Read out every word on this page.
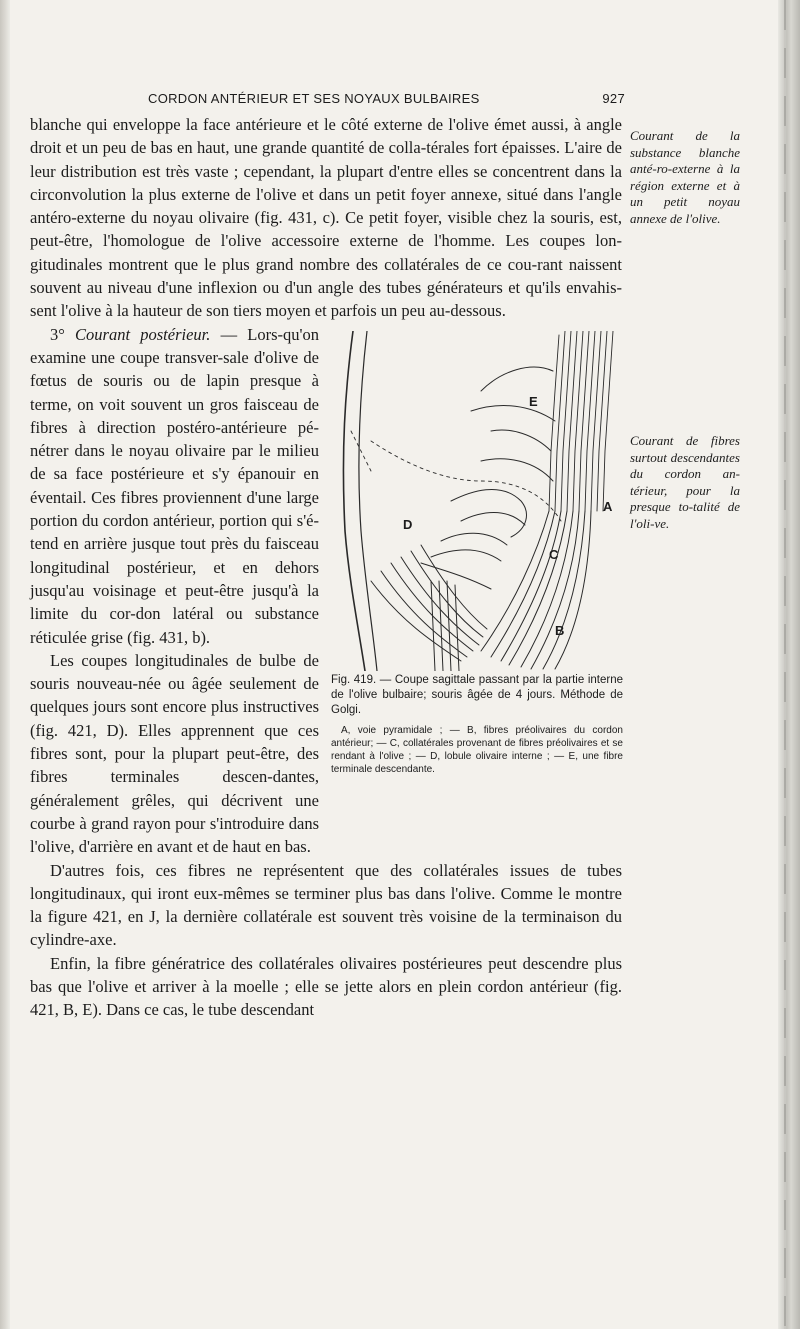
CORDON ANTÉRIEUR ET SES NOYAUX BULBAIRES	927
Courant de la substance blanche anté-ro-externe à la région externe et à un petit noyau annexe de l'olive.
Courant de fibres surtout descendantes du cordon an-térieur, pour la presque to-talité de l'oli-ve.

blanche qui enveloppe la face antérieure et le côté externe de l'olive émet aussi, à angle droit et un peu de bas en haut, une grande quantité de colla-térales fort épaisses. L'aire de leur distribution est très vaste ; cependant, la plupart d'entre elles se concentrent dans la circonvolution la plus externe de l'olive et dans un petit foyer annexe, situé dans l'angle antéro-externe du noyau olivaire (fig. 431, c). Ce petit foyer, visible chez la souris, est, peut-être, l'homologue de l'olive accessoire externe de l'homme. Les coupes lon-gitudinales montrent que le plus grand nombre des collatérales de ce cou-rant naissent souvent au niveau d'une inflexion ou d'un angle des tubes générateurs et qu'ils envahis-sent l'olive à la hauteur de son tiers moyen et parfois un peu au-dessous.

E
A
D
C
B

Fig. 419. — Coupe sagittale passant par la partie interne de l'olive bulbaire; souris âgée de 4 jours. Méthode de Golgi.

A, voie pyramidale ; — B, fibres préolivaires du cordon antérieur; — C, collatérales provenant de fibres préolivaires et se rendant à l'olive ; — D, lobule olivaire interne ; — E, une fibre terminale descendante.

3° Courant postérieur. — Lors-qu'on examine une coupe transver-sale d'olive de fœtus de souris ou de lapin presque à terme, on voit souvent un gros faisceau de fibres à direction postéro-antérieure pé-nétrer dans le noyau olivaire par le milieu de sa face postérieure et s'y épanouir en éventail. Ces fibres proviennent d'une large portion du cordon antérieur, portion qui s'é-tend en arrière jusque tout près du faisceau longitudinal postérieur, et en dehors jusqu'au voisinage et peut-être jusqu'à la limite du cor-don latéral ou substance réticulée grise (fig. 431, b).

Les coupes longitudinales de bulbe de souris nouveau-née ou âgée seulement de quelques jours sont encore plus instructives (fig. 421, D). Elles apprennent que ces fibres sont, pour la plupart peut-être, des fibres terminales descen-dantes, généralement grêles, qui décrivent une courbe à grand rayon pour s'introduire dans l'olive, d'arrière en avant et de haut en bas.

D'autres fois, ces fibres ne représentent que des collatérales issues de tubes longitudinaux, qui iront eux-mêmes se terminer plus bas dans l'olive. Comme le montre la figure 421, en J, la dernière collatérale est souvent très voisine de la terminaison du cylindre-axe.

Enfin, la fibre génératrice des collatérales olivaires postérieures peut descendre plus bas que l'olive et arriver à la moelle ; elle se jette alors en plein cordon antérieur (fig. 421, B, E). Dans ce cas, le tube descendant
